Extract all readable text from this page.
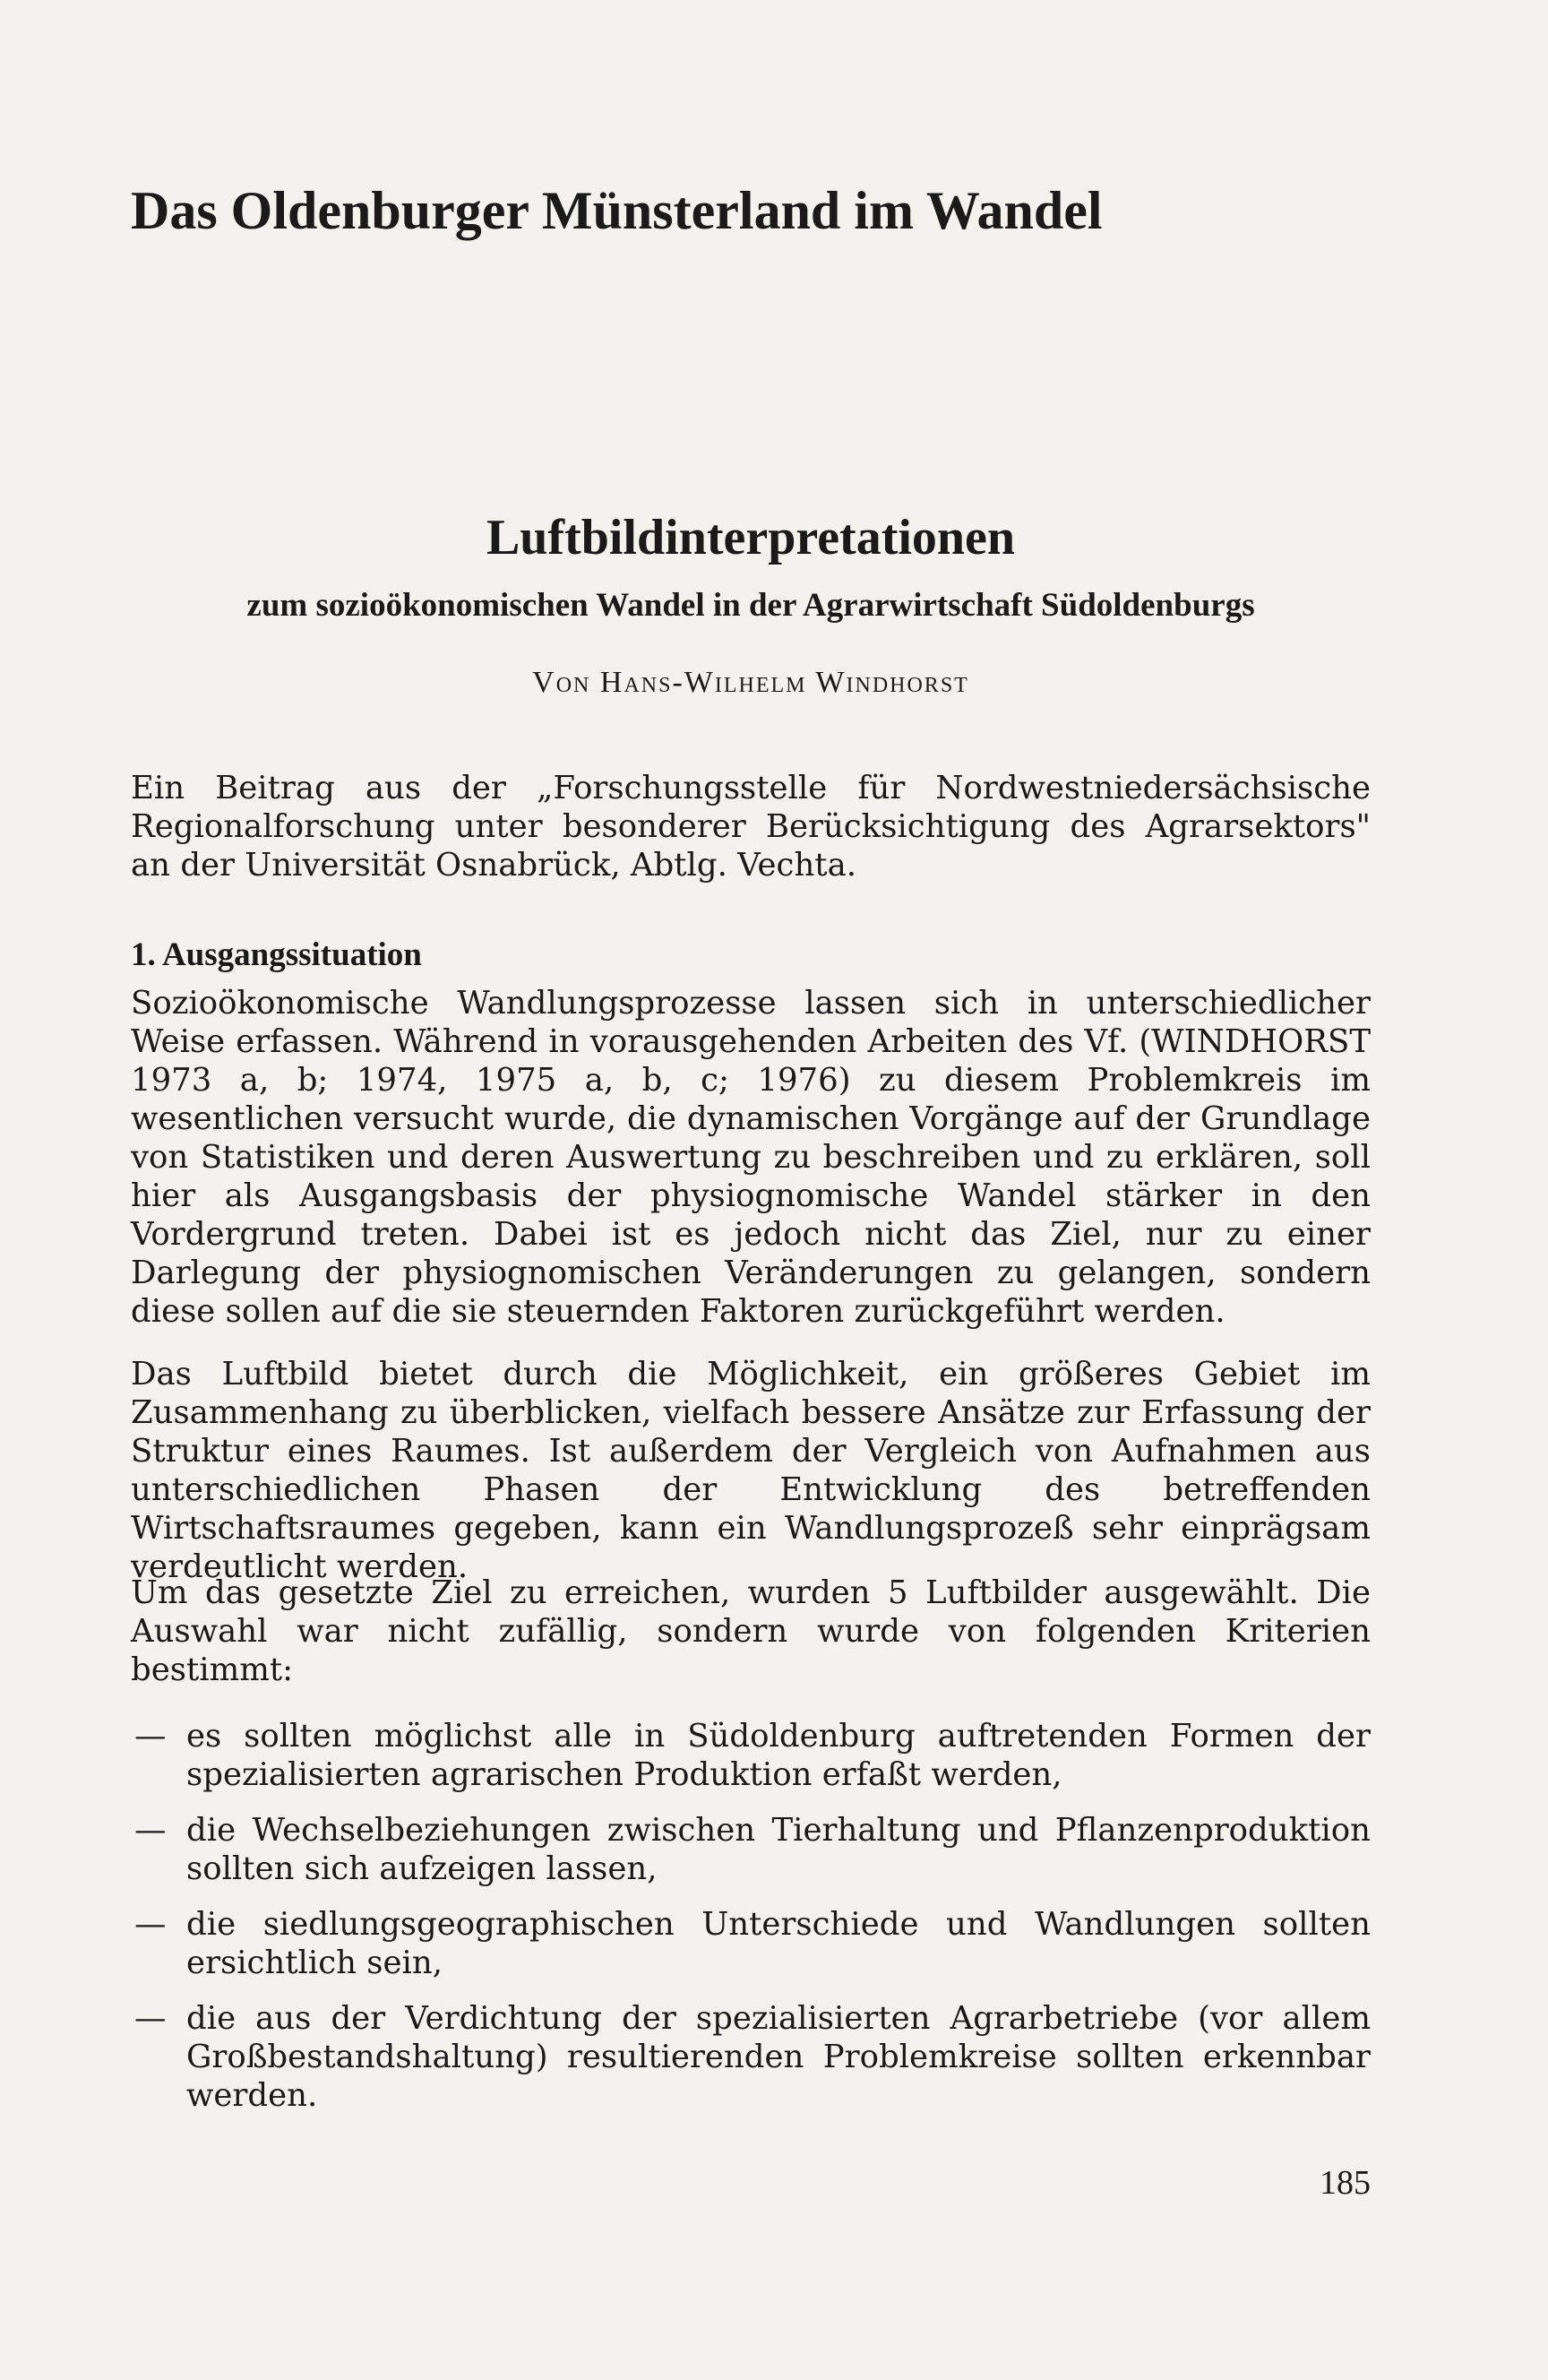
Das Oldenburger Münsterland im Wandel
Luftbildinterpretationen

zum sozioökonomischen Wandel in der Agrarwirtschaft Südoldenburgs

Von Hans-Wilhelm Windhorst

Ein Beitrag aus der „Forschungsstelle für Nordwestniedersächsische Regionalforschung unter besonderer Berücksichtigung des Agrarsektors" an der Universität Osnabrück, Abtlg. Vechta.

1. Ausgangssituation

Sozioökonomische Wandlungsprozesse lassen sich in unterschiedlicher Weise erfassen. Während in vorausgehenden Arbeiten des Vf. (WINDHORST 1973 a, b; 1974, 1975 a, b, c; 1976) zu diesem Problemkreis im wesentlichen versucht wurde, die dynamischen Vorgänge auf der Grundlage von Statistiken und deren Auswertung zu beschreiben und zu erklären, soll hier als Ausgangsbasis der physiognomische Wandel stärker in den Vordergrund treten. Dabei ist es jedoch nicht das Ziel, nur zu einer Darlegung der physiognomischen Veränderungen zu gelangen, sondern diese sollen auf die sie steuernden Faktoren zurückgeführt werden.

Das Luftbild bietet durch die Möglichkeit, ein größeres Gebiet im Zusammenhang zu überblicken, vielfach bessere Ansätze zur Erfassung der Struktur eines Raumes. Ist außerdem der Vergleich von Aufnahmen aus unterschiedlichen Phasen der Entwicklung des betreffenden Wirtschaftsraumes gegeben, kann ein Wandlungsprozeß sehr einprägsam verdeutlicht werden.

Um das gesetzte Ziel zu erreichen, wurden 5 Luftbilder ausgewählt. Die Auswahl war nicht zufällig, sondern wurde von folgenden Kriterien bestimmt:

— es sollten möglichst alle in Südoldenburg auftretenden Formen der spezialisierten agrarischen Produktion erfaßt werden,
— die Wechselbeziehungen zwischen Tierhaltung und Pflanzenproduktion sollten sich aufzeigen lassen,
— die siedlungsgeographischen Unterschiede und Wandlungen sollten ersichtlich sein,
— die aus der Verdichtung der spezialisierten Agrarbetriebe (vor allem Großbestandshaltung) resultierenden Problemkreise sollten erkennbar werden.

185
